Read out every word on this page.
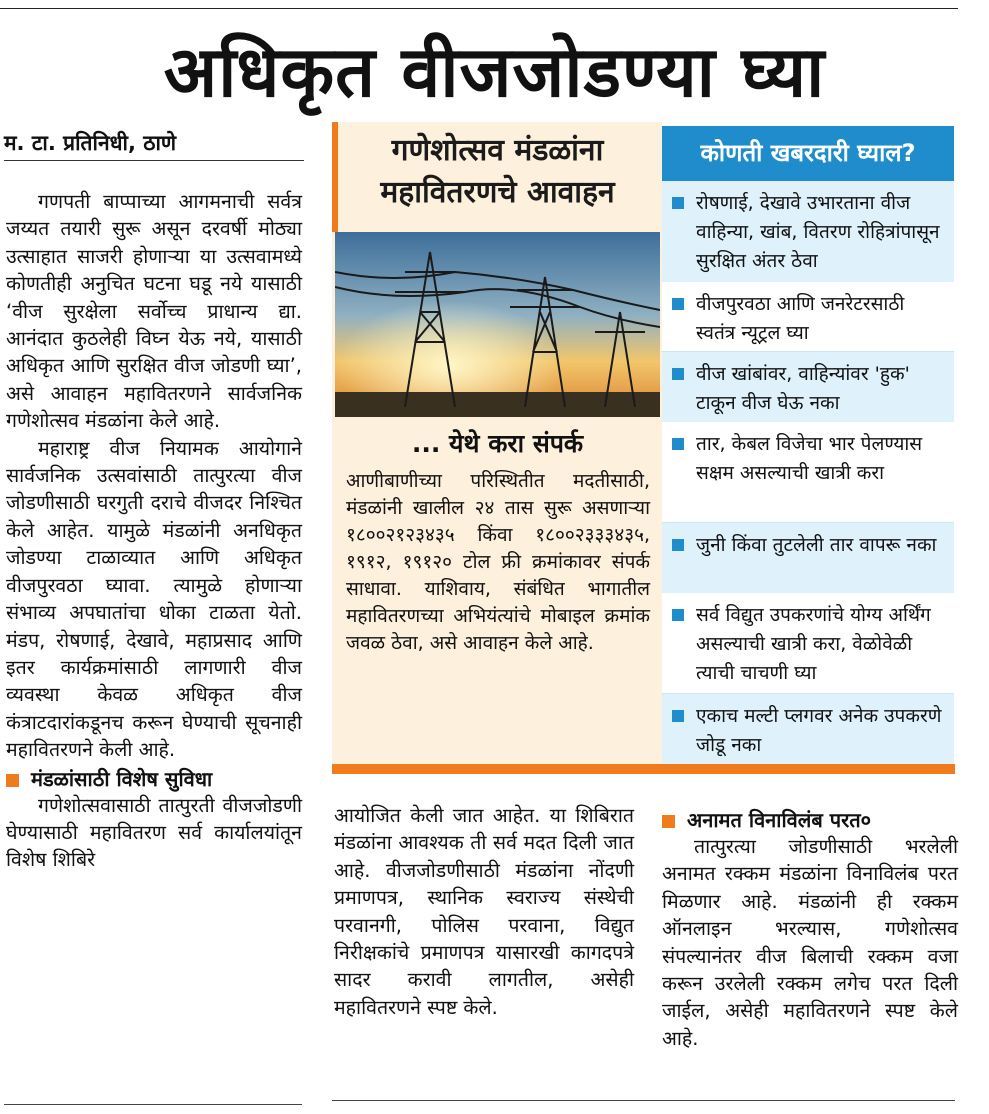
अधिकृत वीजजोडण्या घ्या
म. टा. प्रतिनिधी, ठाणे

गणपती बाप्पाच्या आगमनाची सर्वत्र जय्यत तयारी सुरू असून दरवर्षी मोठ्या उत्साहात साजरी होणाऱ्या या उत्सवामध्ये कोणतीही अनुचित घटना घडू नये यासाठी ‘वीज सुरक्षेला सर्वोच्च प्राधान्य द्या. आनंदात कुठलेही विघ्न येऊ नये, यासाठी अधिकृत आणि सुरक्षित वीज जोडणी घ्या’, असे आवाहन महावितरणने सार्वजनिक गणेशोत्सव मंडळांना केले आहे.

महाराष्ट्र वीज नियामक आयोगाने सार्वजनिक उत्सवांसाठी तात्पुरत्या वीज जोडणीसाठी घरगुती दराचे वीजदर निश्चित केले आहेत. यामुळे मंडळांनी अनधिकृत जोडण्या टाळाव्यात आणि अधिकृत वीजपुरवठा घ्यावा. त्यामुळे होणाऱ्या संभाव्य अपघातांचा धोका टाळता येतो. मंडप, रोषणाई, देखावे, महाप्रसाद आणि इतर कार्यक्रमांसाठी लागणारी वीज व्यवस्था केवळ अधिकृत वीज कंत्राटदारांकडूनच करून घेण्याची सूचनाही महावितरणने केली आहे.

मंडळांसाठी विशेष सुविधा

गणेशोत्सवासाठी तात्पुरती वीजजोडणी घेण्यासाठी महावितरण सर्व कार्यालयांतून विशेष शिबिरे

गणेशोत्सव मंडळांना
महावितरणचे आवाहन
... येथे करा संपर्क
आणीबाणीच्या परिस्थितीत मदतीसाठी, मंडळांनी खालील २४ तास सुरू असणाऱ्या १८००२१२३४३५ किंवा १८००२३३३४३५, १९१२, १९१२० टोल फ्री क्रमांकावर संपर्क साधावा. याशिवाय, संबंधित भागातील महावितरणच्या अभियंत्यांचे मोबाइल क्रमांक जवळ ठेवा, असे आवाहन केले आहे.
कोणती खबरदारी घ्याल?
रोषणाई, देखावे उभारताना वीज वाहिन्या, खांब, वितरण रोहित्रांपासून सुरक्षित अंतर ठेवा
वीजपुरवठा आणि जनरेटरसाठी स्वतंत्र न्यूट्रल घ्या
वीज खांबांवर, वाहिन्यांवर 'हुक' टाकून वीज घेऊ नका
तार, केबल विजेचा भार पेलण्यास सक्षम असल्याची खात्री करा
जुनी किंवा तुटलेली तार वापरू नका
सर्व विद्युत उपकरणांचे योग्य अर्थिंग असल्याची खात्री करा, वेळोवेळी त्याची चाचणी घ्या
एकाच मल्टी प्लगवर अनेक उपकरणे जोडू नका

आयोजित केली जात आहेत. या शिबिरात मंडळांना आवश्यक ती सर्व मदत दिली जात आहे. वीजजोडणीसाठी मंडळांना नोंदणी प्रमाणपत्र, स्थानिक स्वराज्य संस्थेची परवानगी, पोलिस परवाना, विद्युत निरीक्षकांचे प्रमाणपत्र यासारखी कागदपत्रे सादर करावी लागतील, असेही महावितरणने स्पष्ट केले.

अनामत विनाविलंब परत०

तात्पुरत्या जोडणीसाठी भरलेली अनामत रक्कम मंडळांना विनाविलंब परत मिळणार आहे. मंडळांनी ही रक्कम ऑनलाइन भरल्यास, गणेशोत्सव संपल्यानंतर वीज बिलाची रक्कम वजा करून उरलेली रक्कम लगेच परत दिली जाईल, असेही महावितरणने स्पष्ट केले आहे.
